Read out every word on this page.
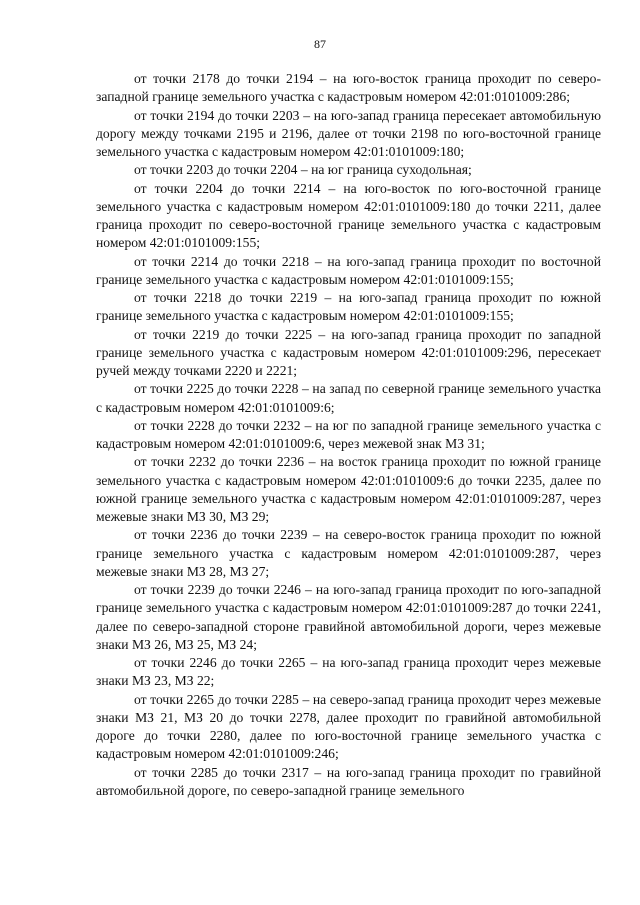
87

от точки 2178 до точки 2194 – на юго-восток граница проходит по северо-западной границе земельного участка с кадастровым номером 42:01:0101009:286;

от точки 2194 до точки 2203 – на юго-запад граница пересекает автомобильную дорогу между точками 2195 и 2196, далее от точки 2198 по юго-восточной границе земельного участка с кадастровым номером 42:01:0101009:180;

от точки 2203 до точки 2204 – на юг граница суходольная;

от точки 2204 до точки 2214 – на юго-восток по юго-восточной границе земельного участка с кадастровым номером 42:01:0101009:180 до точки 2211, далее граница проходит по северо-восточной границе земельного участка с кадастровым номером 42:01:0101009:155;

от точки 2214 до точки 2218 – на юго-запад граница проходит по восточной границе земельного участка с кадастровым номером 42:01:0101009:155;

от точки 2218 до точки 2219 – на юго-запад граница проходит по южной границе земельного участка с кадастровым номером 42:01:0101009:155;

от точки 2219 до точки 2225 – на юго-запад граница проходит по западной границе земельного участка с кадастровым номером 42:01:0101009:296, пересекает ручей между точками 2220 и 2221;

от точки 2225 до точки 2228 – на запад по северной границе земельного участка с кадастровым номером 42:01:0101009:6;

от точки 2228 до точки 2232 – на юг по западной границе земельного участка с кадастровым номером 42:01:0101009:6, через межевой знак МЗ 31;

от точки 2232 до точки 2236 – на восток граница проходит по южной границе земельного участка с кадастровым номером 42:01:0101009:6 до точки 2235, далее по южной границе земельного участка с кадастровым номером 42:01:0101009:287, через межевые знаки МЗ 30, МЗ 29;

от точки 2236 до точки 2239 – на северо-восток граница проходит по южной границе земельного участка с кадастровым номером 42:01:0101009:287, через межевые знаки МЗ 28, МЗ 27;

от точки 2239 до точки 2246 – на юго-запад граница проходит по юго-западной границе земельного участка с кадастровым номером 42:01:0101009:287 до точки 2241, далее по северо-западной стороне гравийной автомобильной дороги, через межевые знаки МЗ 26, МЗ 25, МЗ 24;

от точки 2246 до точки 2265 – на юго-запад граница проходит через межевые знаки МЗ 23, МЗ 22;

от точки 2265 до точки 2285 – на северо-запад граница проходит через межевые знаки МЗ 21, МЗ 20 до точки 2278, далее проходит по гравийной автомобильной дороге до точки 2280, далее по юго-восточной границе земельного участка с кадастровым номером 42:01:0101009:246;

от точки 2285 до точки 2317 – на юго-запад граница проходит по гравийной автомобильной дороге, по северо-западной границе земельного
